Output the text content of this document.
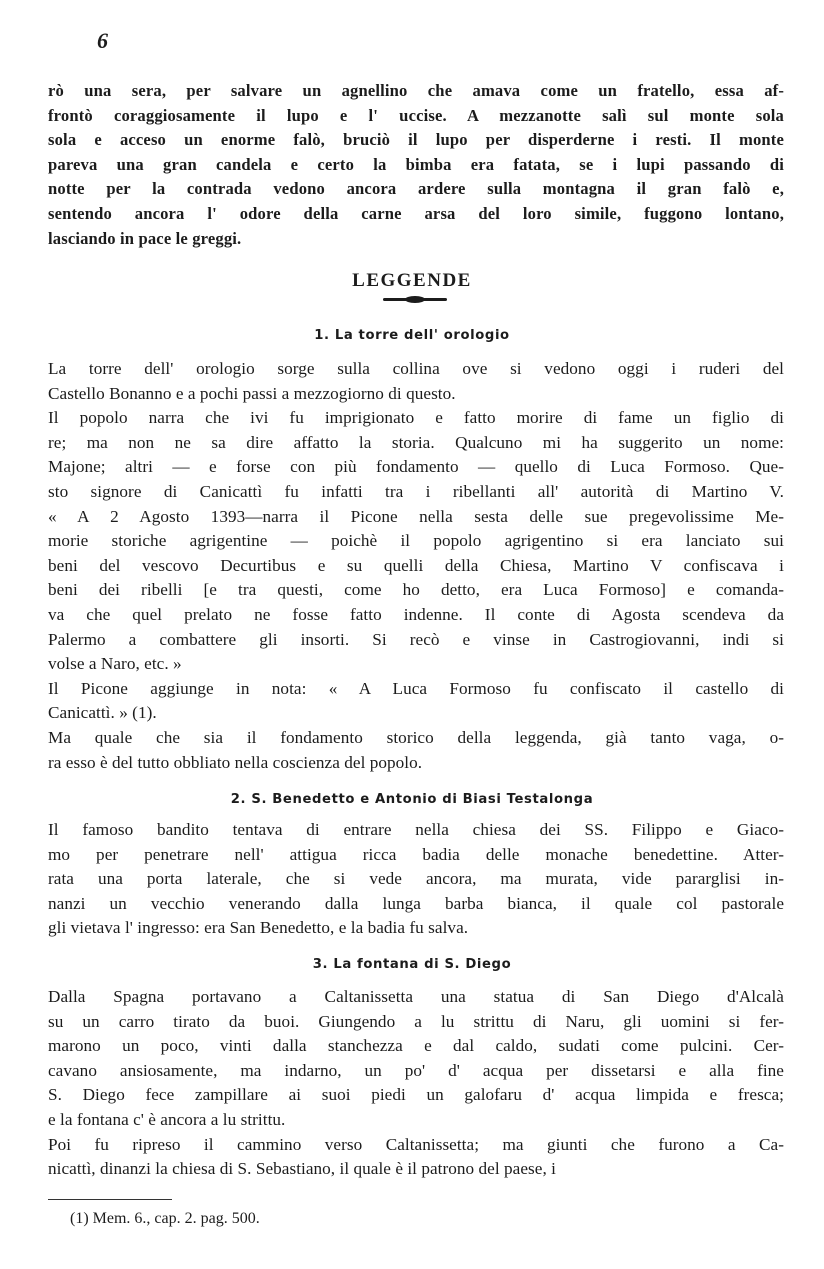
6
rò una sera, per salvare un agnellino che amava come un fratello, essa af-
frontò coraggiosamente il lupo e l' uccise. A mezzanotte salì sul monte sola
sola e acceso un enorme falò, bruciò il lupo per disperderne i resti. Il monte
pareva una gran candela e certo la bimba era fatata, se i lupi passando di
notte per la contrada vedono ancora ardere sulla montagna il gran falò e,
sentendo ancora l' odore della carne arsa del loro simile, fuggono lontano,
lasciando in pace le greggi.
LEGGENDE
1. La torre dell' orologio
La torre dell' orologio sorge sulla collina ove si vedono oggi i ruderi del
Castello Bonanno e a pochi passi a mezzogiorno di questo.
Il popolo narra che ivi fu imprigionato e fatto morire di fame un figlio di
re; ma non ne sa dire affatto la storia. Qualcuno mi ha suggerito un nome:
Majone; altri — e forse con più fondamento — quello di Luca Formoso. Que-
sto signore di Canicattì fu infatti tra i ribellanti all' autorità di Martino V.
« A 2 Agosto 1393—narra il Picone nella sesta delle sue pregevolissime Me-
morie storiche agrigentine — poichè il popolo agrigentino si era lanciato sui
beni del vescovo Decurtibus e su quelli della Chiesa, Martino V confiscava i
beni dei ribelli [e tra questi, come ho detto, era Luca Formoso] e comanda-
va che quel prelato ne fosse fatto indenne. Il conte di Agosta scendeva da
Palermo a combattere gli insorti. Si recò e vinse in Castrogiovanni, indi si
volse a Naro, etc. »
Il Picone aggiunge in nota: « A Luca Formoso fu confiscato il castello di
Canicattì. » (1).
Ma quale che sia il fondamento storico della leggenda, già tanto vaga, o-
ra esso è del tutto obbliato nella coscienza del popolo.
2. S. Benedetto e Antonio di Biasi Testalonga
Il famoso bandito tentava di entrare nella chiesa dei SS. Filippo e Giaco-
mo per penetrare nell' attigua ricca badia delle monache benedettine. Atter-
rata una porta laterale, che si vede ancora, ma murata, vide pararglisi in-
nanzi un vecchio venerando dalla lunga barba bianca, il quale col pastorale
gli vietava l' ingresso: era San Benedetto, e la badia fu salva.
3. La fontana di S. Diego
Dalla Spagna portavano a Caltanissetta una statua di San Diego d'Alcalà
su un carro tirato da buoi. Giungendo a lu strittu di Naru, gli uomini si fer-
marono un poco, vinti dalla stanchezza e dal caldo, sudati come pulcini. Cer-
cavano ansiosamente, ma indarno, un po' d' acqua per dissetarsi e alla fine
S. Diego fece zampillare ai suoi piedi un galofaru d' acqua limpida e fresca;
e la fontana c' è ancora a lu strittu.
Poi fu ripreso il cammino verso Caltanissetta; ma giunti che furono a Ca-
nicattì, dinanzi la chiesa di S. Sebastiano, il quale è il patrono del paese, i
(1) Mem. 6., cap. 2. pag. 500.
